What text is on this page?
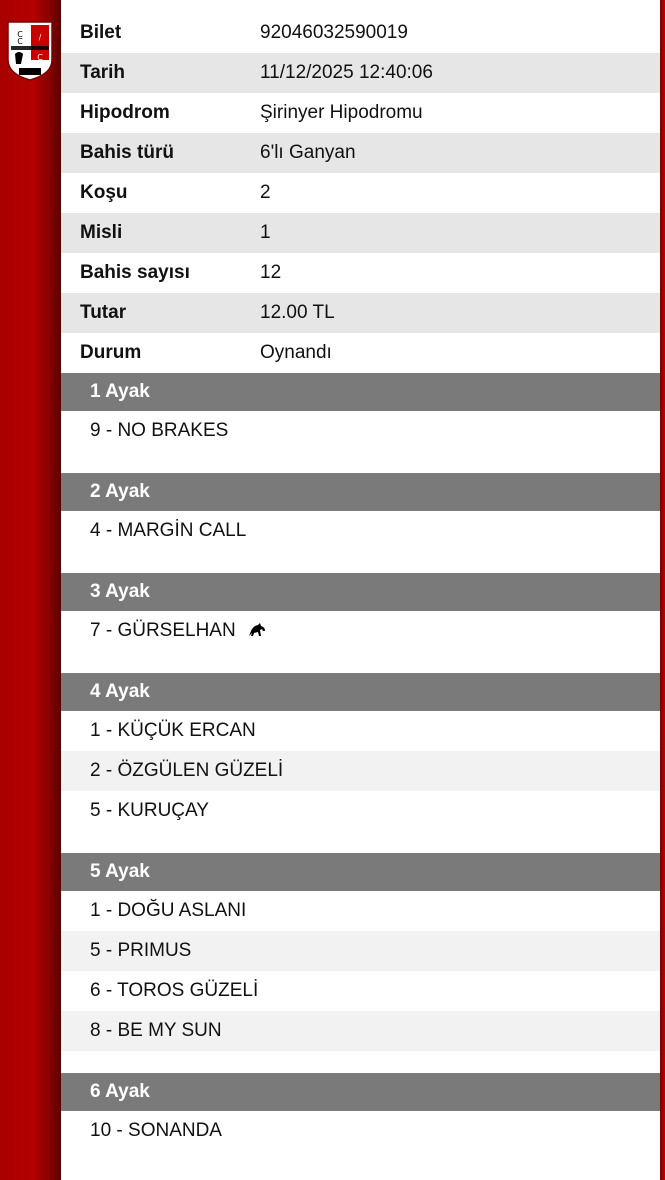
C
C /
C
Bilet	92046032590019
Tarih	11/12/2025 12:40:06
Hipodrom	Şirinyer Hipodromu
Bahis türü	6'lı Ganyan
Koşu	2
Misli	1
Bahis sayısı	12
Tutar	12.00 TL
Durum	Oynandı
1 Ayak
9 - NO BRAKES
2 Ayak
4 - MARGİN CALL
3 Ayak
7 - GÜRSELHAN
4 Ayak
1 - KÜÇÜK ERCAN
2 - ÖZGÜLEN GÜZELİ
5 - KURUÇAY
5 Ayak
1 - DOĞU ASLANI
5 - PRIMUS
6 - TOROS GÜZELİ
8 - BE MY SUN
6 Ayak
10 - SONANDA
